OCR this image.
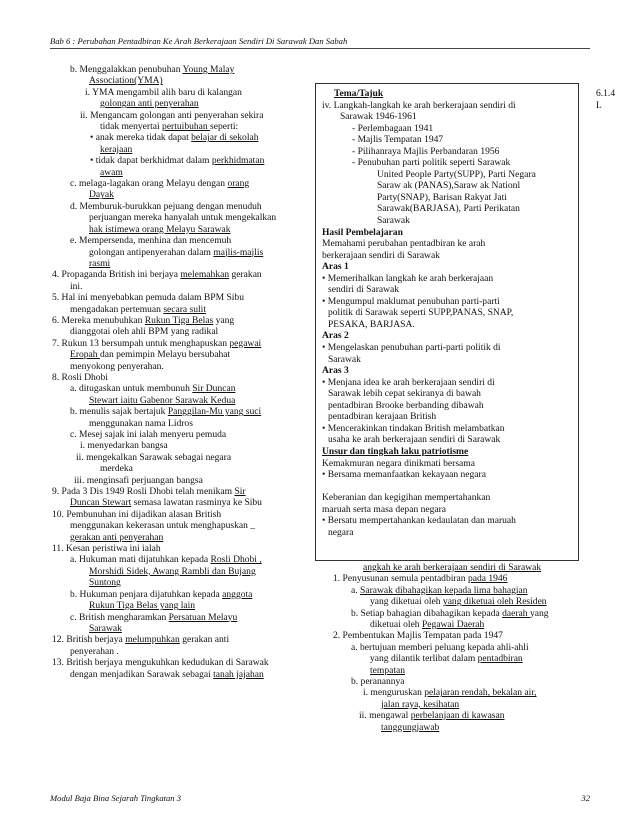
Bab 6 : Perubahan Pentadbiran Ke Arah Berkerajaan Sendiri Di Sarawak Dan Sabah
b. Menggalakkan penubuhan Young Malay
Association(YMA)
i. YMA mengambil alih baru di kalangan
golongan anti penyerahan
ii. Mengancam golongan anti penyerahan sekira
tidak menyertai pertuibuhan seperti:
• anak mereka tidak dapat belajar di sekolah
kerajaan
• tidak dapat berkhidmat dalam perkhidmatan
awam
c. melaga-lagakan orang Melayu dengan orang
Dayak
d. Memburuk-burukkan pejuang dengan menuduh
perjuangan mereka hanyalah untuk mengekalkan
hak istimewa orang Melayu Sarawak
e. Mempersenda, menhina dan mencemuh
golongan antipenyerahan dalam majlis-majlis
rasmi
4. Propaganda British ini berjaya melemahkan gerakan
ini.
5. Hal ini menyebabkan pemuda dalam BPM Sibu
mengadakan pertemuan secara sulit
6. Mereka menubuhkan Rukun Tiga Belas yang
dianggotai oleh ahli BPM yang radikal
7. Rukun 13 bersumpah untuk menghapuskan pegawai
Eropah dan pemimpin Melayu bersubahat
menyokong penyerahan.
8. Rosli Dhobi
a. ditugaskan untuk membunuh Sir Duncan
Stewart iaitu Gabenor Sarawak Kedua
b. menulis sajak bertajuk Panggilan-Mu yang suci
menggunakan nama Lidros
c. Mesej sajak ini ialah menyeru pemuda
i. menyedarkan bangsa
ii. mengekalkan Sarawak sebagai negara
merdeka
iii. menginsafi perjuangan bangsa
9. Pada 3 Dis 1949 Rosli Dhobi telah menikam Sir
Duncan Stewart semasa lawatan rasminya ke Sibu
10. Pembunuhan ini dijadikan alasan British
menggunakan kekerasan untuk menghapuskan _
gerakan anti penyerahan
11. Kesan peristiwa ini ialah
a. Hukuman mati dijatuhkan kepada Rosli Dhobi ,
Morshidi Sidek, Awang Rambli dan Bujang
Suntong
b. Hukuman penjara dijatuhkan kepada anggota
Rukun Tiga Belas yang lain
c. British mengharamkan Persatuan Melayu
Sarawak
12. British berjaya melumpuhkan gerakan anti
penyerahan .
13. British berjaya mengukuhkan kedudukan di Sarawak
dengan menjadikan Sarawak sebagai tanah jajahan
Tema/Tajuk
iv. Langkah-langkah ke arah berkerajaan sendiri di
Sarawak 1946-1961
- Perlembagaan 1941
- Majlis Tempatan 1947
- Pilihanraya Majlis Perbandaran 1956
- Penubuhan parti politik seperti Sarawak
United People Party(SUPP), Parti Negara
Saraw ak (PANAS),Saraw ak Nationl
Party(SNAP), Barisan Rakyat Jati
Sarawak(BARJASA), Parti Perikatan
Sarawak
Hasil Pembelajaran
Memahami perubahan pentadbiran ke arah
berkerajaan sendiri di Sarawak
Aras 1
• Memerihalkan langkah ke arah berkerajaan
sendiri di Sarawak
• Mengumpul maklumat penubuhan parti-parti
politik di Sarawak seperti SUPP,PANAS, SNAP,
PESAKA, BARJASA.
Aras 2
• Mengelaskan penubuhan parti-parti politik di
Sarawak
Aras 3
• Menjana idea ke arah berkerajaan sendiri di
Sarawak lebih cepat sekiranya di bawah
pentadbiran Brooke berbanding dibawah
pentadbiran kerajaan British
• Mencerakinkan tindakan British melambatkan
usaha ke arah berkerajaan sendiri di Sarawak
Unsur dan tingkah laku patriotisme
Kemakmuran negara dinikmati bersama
• Bersama memanfaatkan kekayaan negara

Keberanian dan kegigihan mempertahankan
maruah serta masa depan negara
• Bersatu mempertahankan kedaulatan dan maruah
negara
6.1.4
L
angkah ke arah berkerajaan sendiri di Sarawak
1. Penyusunan semula pentadbiran pada 1946
a. Sarawak dibahagikan kepada lima bahagian
yang diketuai oleh yang diketuai oleh Residen
b. Setiap bahagian dibahagikan kepada daerah yang
diketuai oleh Pegawai Daerah
2. Pembentukan Majlis Tempatan pada 1947
a. bertujuan memberi peluang kepada ahli-ahli
yang dilantik terlibat dalam pentadbiran
tempatan
b. peranannya
i. menguruskan pelajaran rendah, bekalan air,
jalan raya, kesihatan
ii. mengawal perbelanjaan di kawasan
tanggungjawab
Modul Baja Bina Sejarah Tingkatan 3	32
